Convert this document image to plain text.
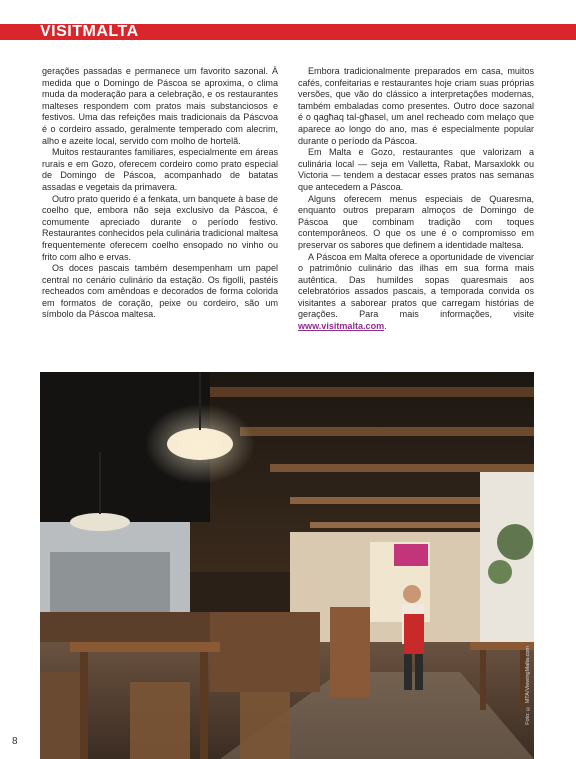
VISITMALTA

gerações passadas e permanece um favorito sazonal. À medida que o Domingo de Páscoa se aproxima, o clima muda da moderação para a celebração, e os restaurantes malteses respondem com pratos mais substanciosos e festivos. Uma das refeições mais tradicionais da Páscvoa é o cordeiro assado, geralmente temperado com alecrim, alho e azeite local, servido com molho de hortelã.

Muitos restaurantes familiares, especialmente em áreas rurais e em Gozo, oferecem cordeiro como prato especial de Domingo de Páscoa, acompanhado de batatas assadas e vegetais da primavera.

Outro prato querido é a fenkata, um banquete à base de coelho que, embora não seja exclusivo da Páscoa, é comumente apreciado durante o período festivo. Restaurantes conhecidos pela culinária tradicional maltesa frequentemente oferecem coelho ensopado no vinho ou frito com alho e ervas.

Os doces pascais também desempenham um papel central no cenário culinário da estação. Os figolli, pastéis recheados com amêndoas e decorados de forma colorida em formatos de coração, peixe ou cordeiro, são um símbolo da Páscoa maltesa.

Embora tradicionalmente preparados em casa, muitos cafés, confeitarias e restaurantes hoje criam suas próprias versões, que vão do clássico a interpretações modernas, também embaladas como presentes. Outro doce sazonal é o qagħaq tal-għasel, um anel recheado com melaço que aparece ao longo do ano, mas é especialmente popular durante o período da Páscoa.

Em Malta e Gozo, restaurantes que valorizam a culinária local — seja em Valletta, Rabat, Marsaxlokk ou Victoria — tendem a destacar esses pratos nas semanas que antecedem a Páscoa.

Alguns oferecem menus especiais de Quaresma, enquanto outros preparam almoços de Domingo de Páscoa que combinam tradição com toques contemporâneos. O que os une é o compromisso em preservar os sabores que definem a identidade maltesa.

A Páscoa em Malta oferece a oportunidade de vivenciar o patrimônio culinário das ilhas em sua forma mais autêntica. Das humildes sopas quaresmais aos celebratórios assados pascais, a temporada convida os visitantes a saborear pratos que carregam histórias de gerações. Para mais informações, visite www.visitmalta.com.

Foto: © MTA/ViewingMalta.com
8
